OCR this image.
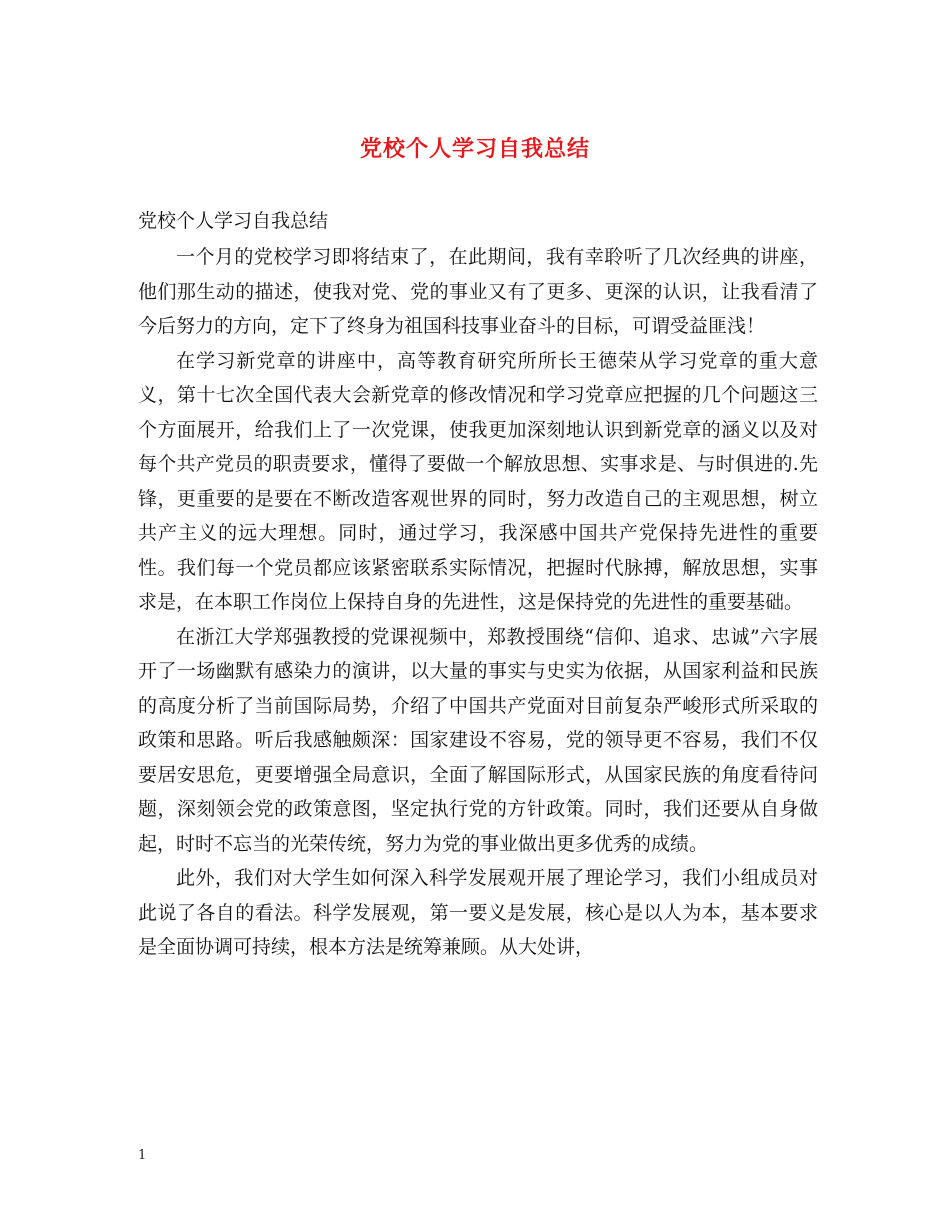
党校个人学习自我总结
党校个人学习自我总结

一个月的党校学习即将结束了，在此期间，我有幸聆听了几次经典的讲座，他们那生动的描述，使我对党、党的事业又有了更多、更深的认识，让我看清了今后努力的方向，定下了终身为祖国科技事业奋斗的目标，可谓受益匪浅！

在学习新党章的讲座中，高等教育研究所所长王德荣从学习党章的重大意义，第十七次全国代表大会新党章的修改情况和学习党章应把握的几个问题这三个方面展开，给我们上了一次党课，使我更加深刻地认识到新党章的涵义以及对每个共产党员的职责要求，懂得了要做一个解放思想、实事求是、与时俱进的.先锋，更重要的是要在不断改造客观世界的同时，努力改造自己的主观思想，树立共产主义的远大理想。同时，通过学习，我深感中国共产党保持先进性的重要性。我们每一个党员都应该紧密联系实际情况，把握时代脉搏，解放思想，实事求是，在本职工作岗位上保持自身的先进性，这是保持党的先进性的重要基础。

在浙江大学郑强教授的党课视频中，郑教授围绕“信仰、追求、忠诚”六字展开了一场幽默有感染力的演讲，以大量的事实与史实为依据，从国家利益和民族的高度分析了当前国际局势，介绍了中国共产党面对目前复杂严峻形式所采取的政策和思路。听后我感触颇深：国家建设不容易，党的领导更不容易，我们不仅要居安思危，更要增强全局意识，全面了解国际形式，从国家民族的角度看待问题，深刻领会党的政策意图，坚定执行党的方针政策。同时，我们还要从自身做起，时时不忘当的光荣传统，努力为党的事业做出更多优秀的成绩。

此外，我们对大学生如何深入科学发展观开展了理论学习，我们小组成员对此说了各自的看法。科学发展观，第一要义是发展，核心是以人为本，基本要求是全面协调可持续，根本方法是统筹兼顾。从大处讲，

1
